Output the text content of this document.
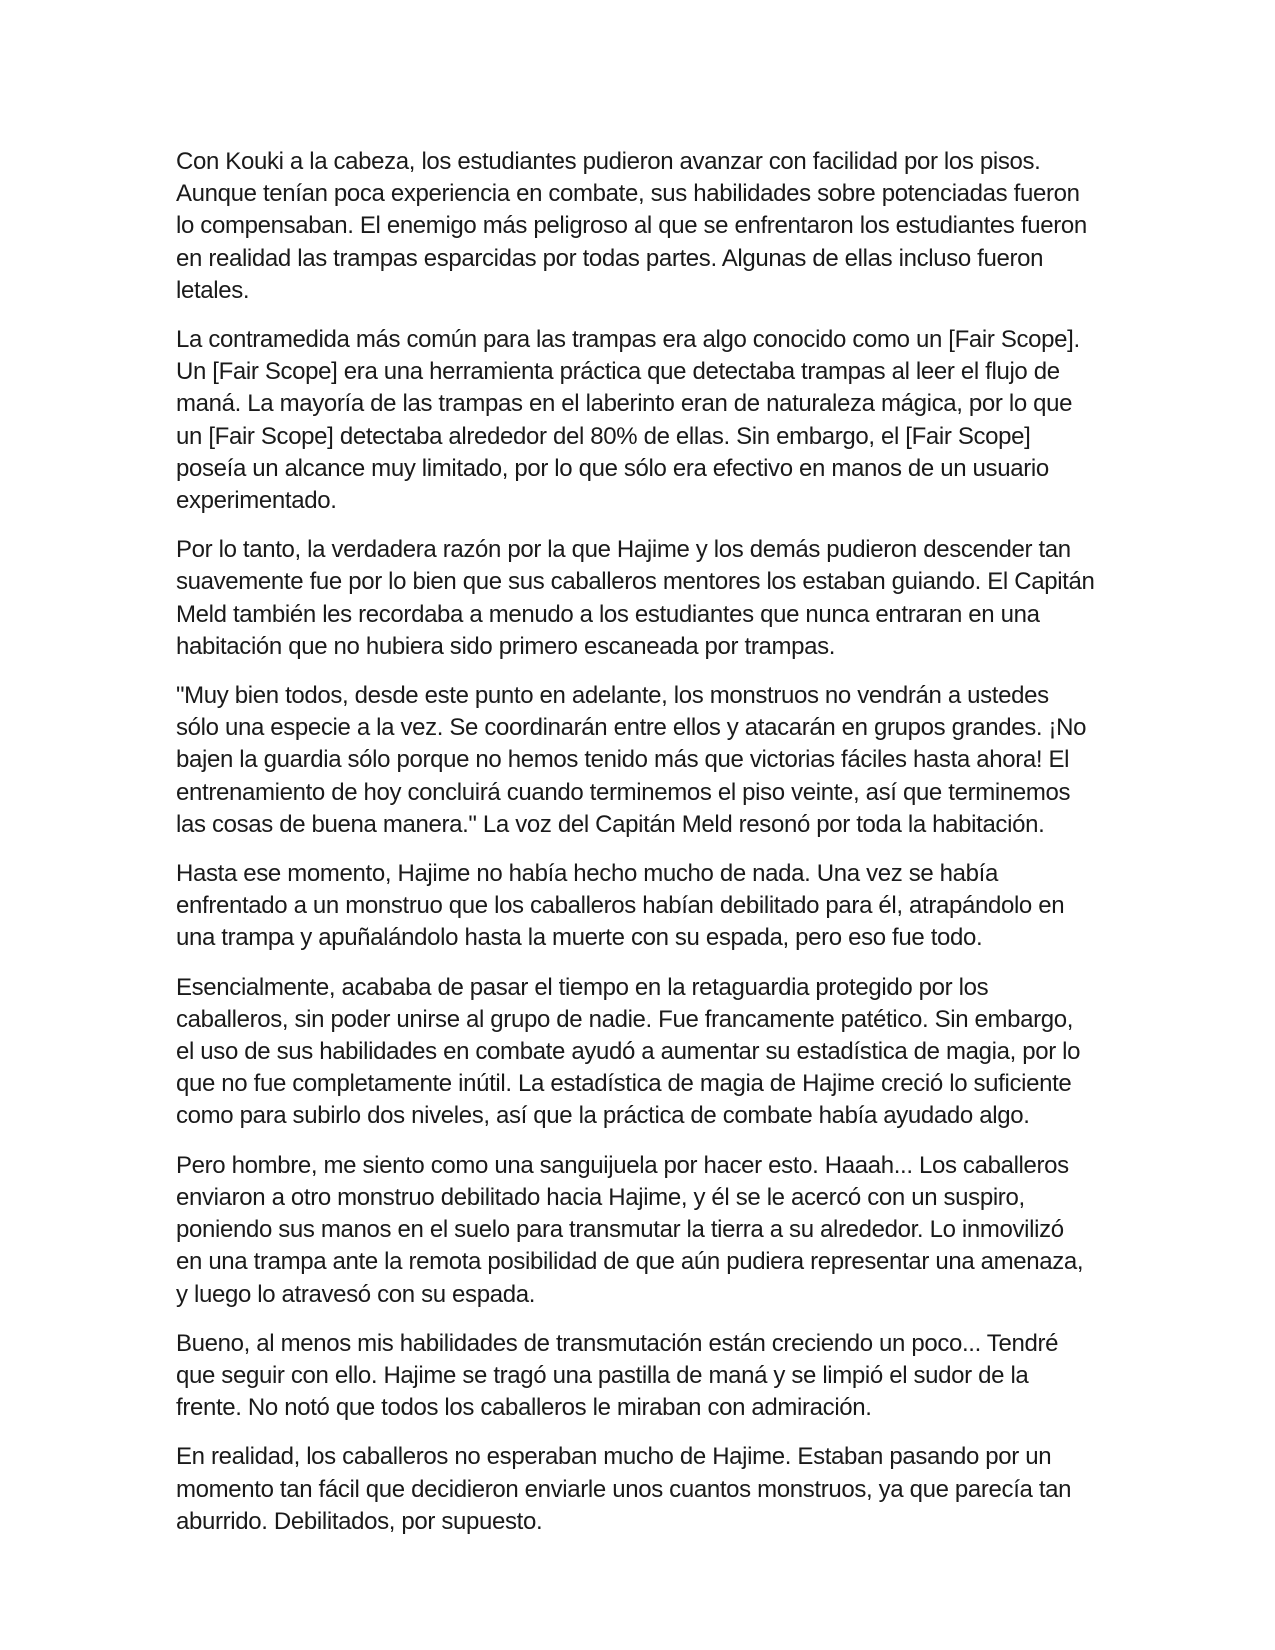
Con Kouki a la cabeza, los estudiantes pudieron avanzar con facilidad por los pisos. Aunque tenían poca experiencia en combate, sus habilidades sobre potenciadas fueron lo compensaban. El enemigo más peligroso al que se enfrentaron los estudiantes fueron en realidad las trampas esparcidas por todas partes. Algunas de ellas incluso fueron letales.

La contramedida más común para las trampas era algo conocido como un [Fair Scope]. Un [Fair Scope] era una herramienta práctica que detectaba trampas al leer el flujo de maná. La mayoría de las trampas en el laberinto eran de naturaleza mágica, por lo que un [Fair Scope] detectaba alrededor del 80% de ellas. Sin embargo, el [Fair Scope] poseía un alcance muy limitado, por lo que sólo era efectivo en manos de un usuario experimentado.

Por lo tanto, la verdadera razón por la que Hajime y los demás pudieron descender tan suavemente fue por lo bien que sus caballeros mentores los estaban guiando. El Capitán Meld también les recordaba a menudo a los estudiantes que nunca entraran en una habitación que no hubiera sido primero escaneada por trampas.

"Muy bien todos, desde este punto en adelante, los monstruos no vendrán a ustedes sólo una especie a la vez. Se coordinarán entre ellos y atacarán en grupos grandes. ¡No bajen la guardia sólo porque no hemos tenido más que victorias fáciles hasta ahora! El entrenamiento de hoy concluirá cuando terminemos el piso veinte, así que terminemos las cosas de buena manera." La voz del Capitán Meld resonó por toda la habitación.

Hasta ese momento, Hajime no había hecho mucho de nada. Una vez se había enfrentado a un monstruo que los caballeros habían debilitado para él, atrapándolo en una trampa y apuñalándolo hasta la muerte con su espada, pero eso fue todo.

Esencialmente, acababa de pasar el tiempo en la retaguardia protegido por los caballeros, sin poder unirse al grupo de nadie. Fue francamente patético. Sin embargo, el uso de sus habilidades en combate ayudó a aumentar su estadística de magia, por lo que no fue completamente inútil. La estadística de magia de Hajime creció lo suficiente como para subirlo dos niveles, así que la práctica de combate había ayudado algo.

Pero hombre, me siento como una sanguijuela por hacer esto. Haaah... Los caballeros enviaron a otro monstruo debilitado hacia Hajime, y él se le acercó con un suspiro, poniendo sus manos en el suelo para transmutar la tierra a su alrededor. Lo inmovilizó en una trampa ante la remota posibilidad de que aún pudiera representar una amenaza, y luego lo atravesó con su espada.

Bueno, al menos mis habilidades de transmutación están creciendo un poco... Tendré que seguir con ello. Hajime se tragó una pastilla de maná y se limpió el sudor de la frente. No notó que todos los caballeros le miraban con admiración.

En realidad, los caballeros no esperaban mucho de Hajime. Estaban pasando por un momento tan fácil que decidieron enviarle unos cuantos monstruos, ya que parecía tan aburrido. Debilitados, por supuesto.
